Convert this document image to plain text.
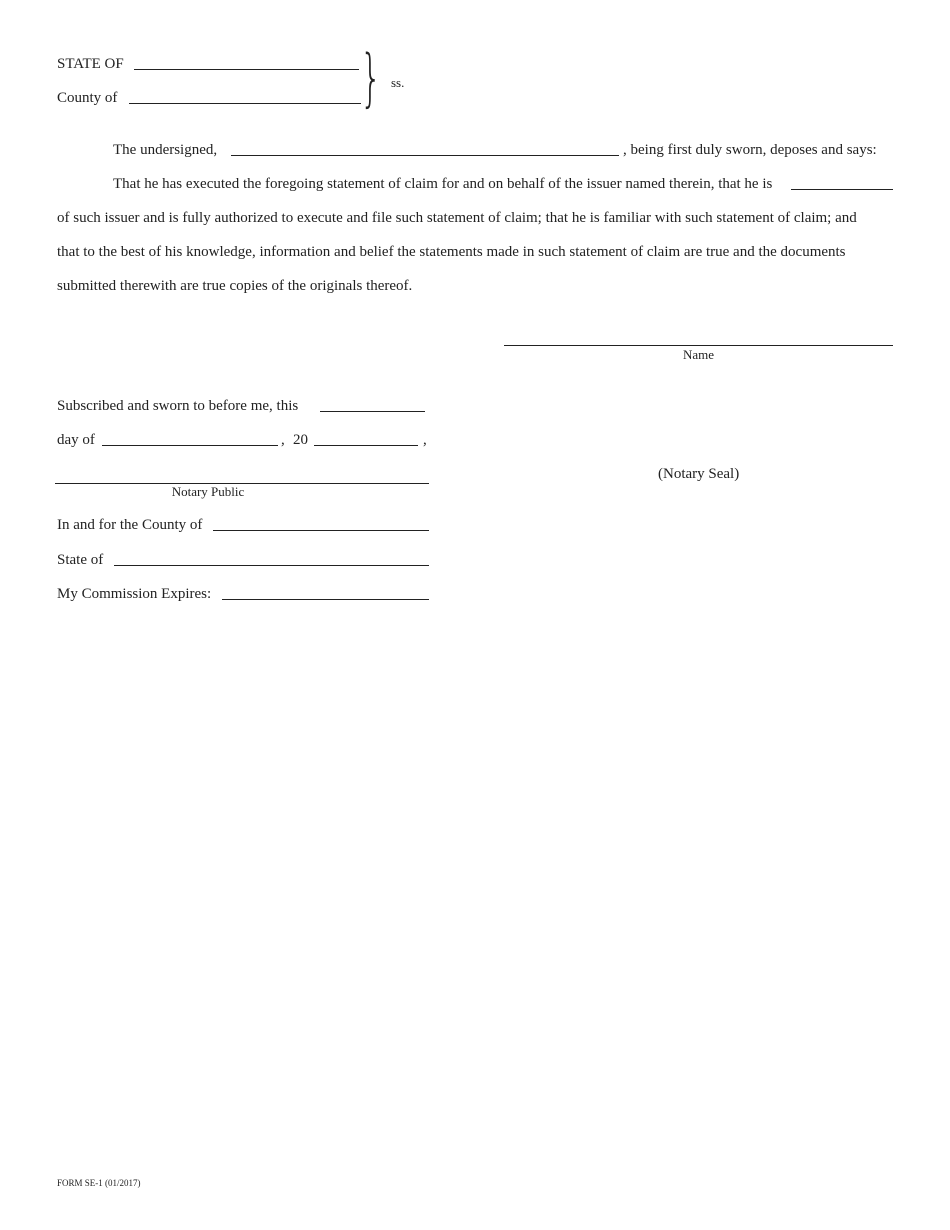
STATE OF
County of	} ss.
The undersigned,	, being first duly sworn, deposes and says:
That he has executed the foregoing statement of claim for and on behalf of the issuer named therein, that he is
of such issuer and is fully authorized to execute and file such statement of claim; that he is familiar with such statement of claim; and
that to the best of his knowledge, information and belief the statements made in such statement of claim are true and the documents
submitted therewith are true copies of the originals thereof.
Name
Subscribed and sworn to before me, this
day of	, 20	,
Notary Public
(Notary Seal)
In and for the County of
State of
My Commission Expires:
FORM SE-1 (01/2017)
